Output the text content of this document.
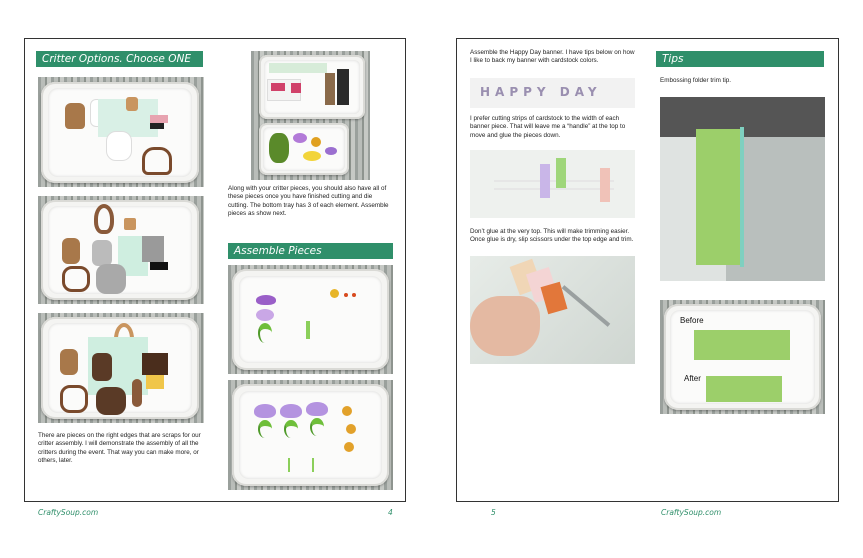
Critter Options. Choose ONE
There are pieces on the right edges that are scraps for our critter assembly. I will demonstrate the assembly of all the critters during the event. That way you can make more, or others, later.
Along with your critter pieces, you should also have all of these pieces once you have finished cutting and die cutting. The bottom tray has 3 of each element. Assemble pieces as show next.
Assemble Pieces
CraftySoup.com	4
Assemble the Happy Day banner. I have tips below on how I like to back my banner with cardstock colors.
HAPPY DAY
I prefer cutting strips of cardstock to the width of each banner piece. That will leave me a “handle” at the top to move and glue the pieces down.
Don’t glue at the very top. This will make trimming easier. Once glue is dry, slip scissors under the top edge and trim.
Tips
Embossing folder trim tip.
Before
After
5	CraftySoup.com
